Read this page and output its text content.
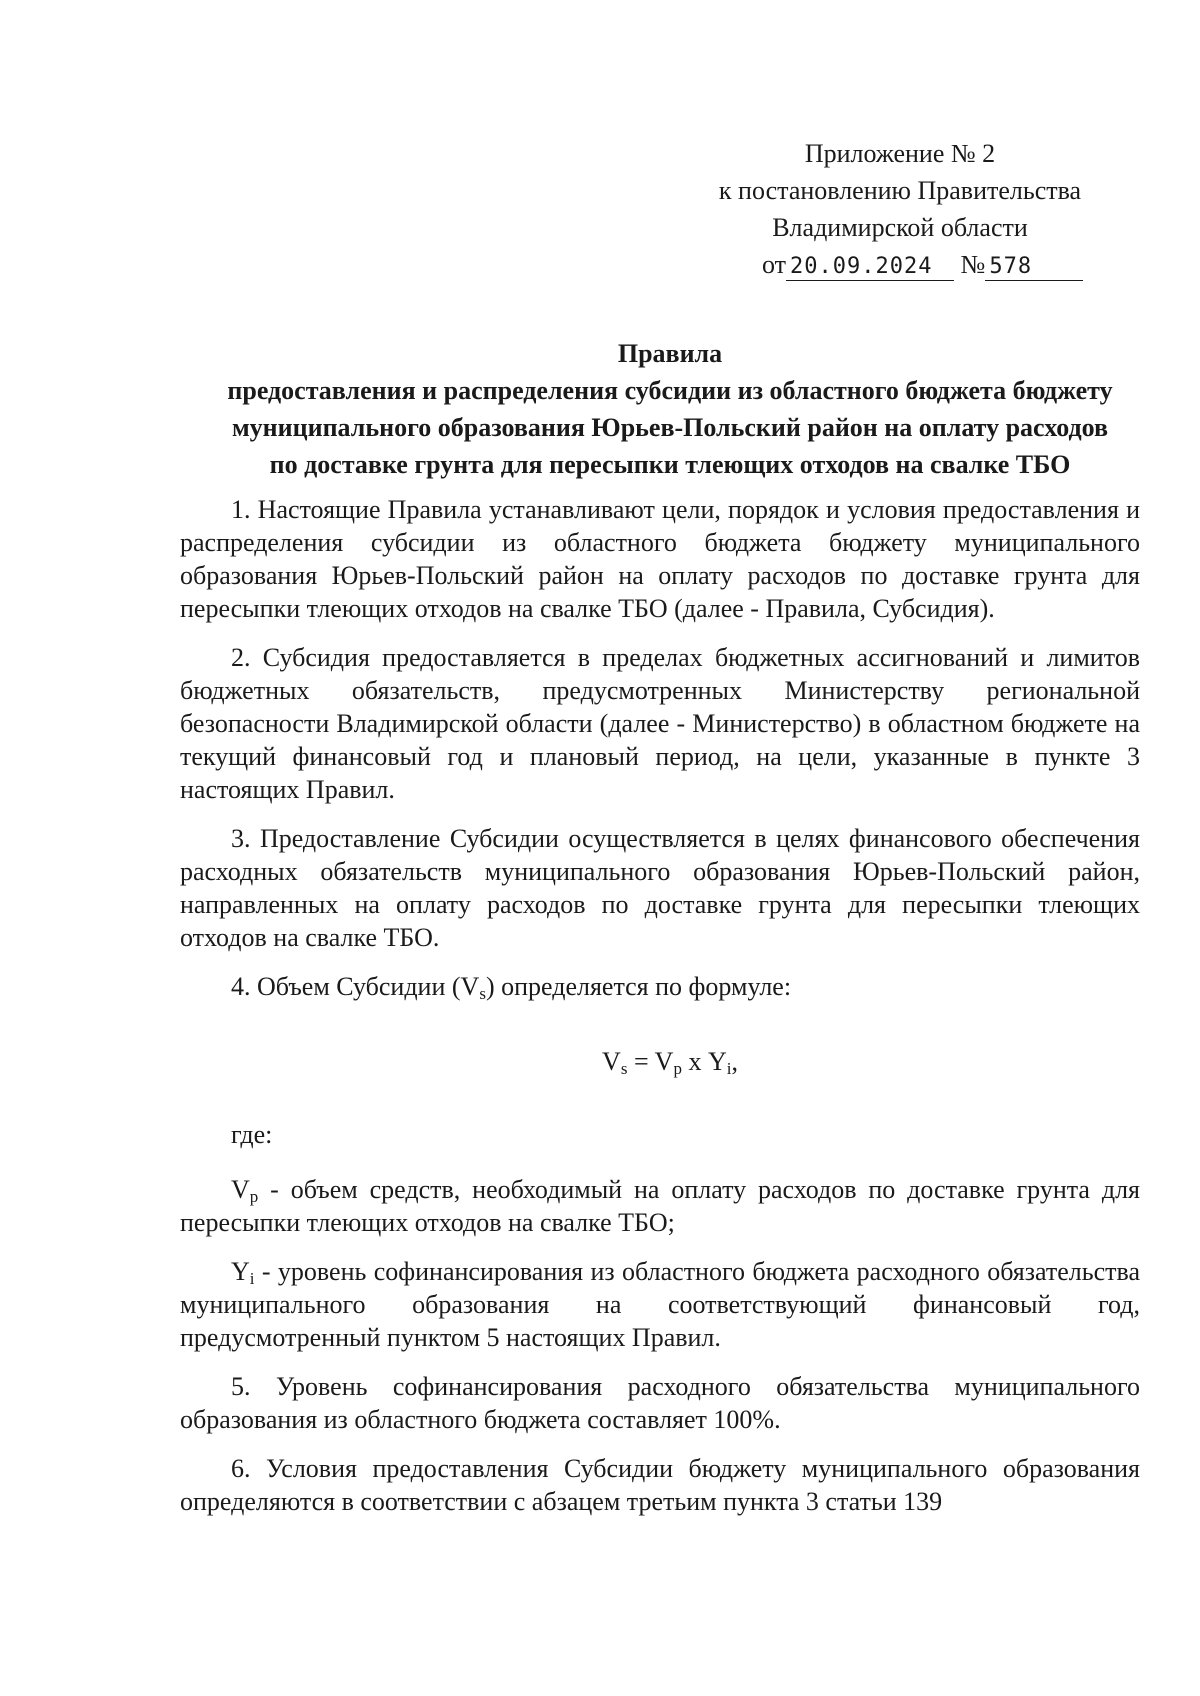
Приложение № 2
к постановлению Правительства
Владимирской области
от 20.09.2024 № 578
Правила
предоставления и распределения субсидии из областного бюджета бюджету
муниципального образования Юрьев-Польский район на оплату расходов
по доставке грунта для пересыпки тлеющих отходов на свалке ТБО

1. Настоящие Правила устанавливают цели, порядок и условия предоставления и распределения субсидии из областного бюджета бюджету муниципального образования Юрьев-Польский район на оплату расходов по доставке грунта для пересыпки тлеющих отходов на свалке ТБО (далее - Правила, Субсидия).

2. Субсидия предоставляется в пределах бюджетных ассигнований и лимитов бюджетных обязательств, предусмотренных Министерству региональной безопасности Владимирской области (далее - Министерство) в областном бюджете на текущий финансовый год и плановый период, на цели, указанные в пункте 3 настоящих Правил.

3. Предоставление Субсидии осуществляется в целях финансового обеспечения расходных обязательств муниципального образования Юрьев-Польский район, направленных на оплату расходов по доставке грунта для пересыпки тлеющих отходов на свалке ТБО.

4. Объем Субсидии $(V_s)$ определяется по формуле:

$V_s = V_p$ х $Y_i$,

где:

$V_p$ - объем средств, необходимый на оплату расходов по доставке грунта для пересыпки тлеющих отходов на свалке ТБО;

$Y_i$ - уровень софинансирования из областного бюджета расходного обязательства муниципального образования на соответствующий финансовый год, предусмотренный пунктом 5 настоящих Правил.

5. Уровень софинансирования расходного обязательства муниципального образования из областного бюджета составляет 100%.

6. Условия предоставления Субсидии бюджету муниципального образования определяются в соответствии с абзацем третьим пункта 3 статьи 139
